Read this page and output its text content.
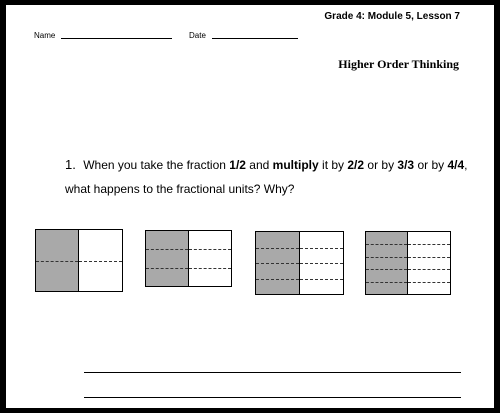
Grade 4: Module 5, Lesson 7
Name	Date
Higher Order Thinking
1. When you take the fraction 1/2 and multiply it by 2/2 or by 3/3 or by 4/4,
what happens to the fractional units? Why?
